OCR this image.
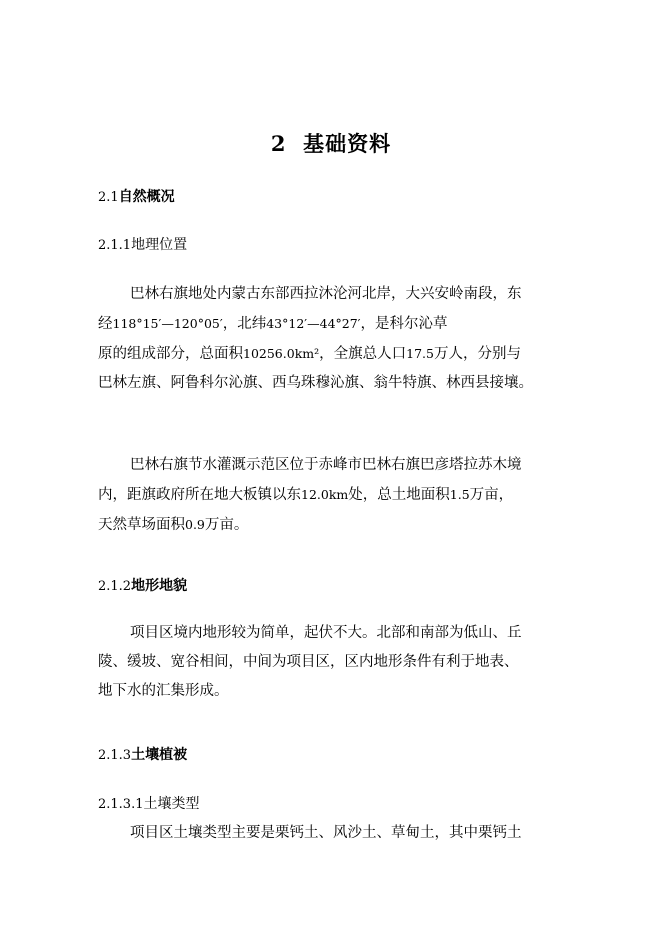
2 基础资料
2.1自然概况
2.1.1地理位置
巴林右旗地处内蒙古东部西拉沐沦河北岸，大兴安岭南段，东
经118°15′—120°05′，北纬43°12′—44°27′，是科尔沁草
原的组成部分，总面积10256.0km²，全旗总人口17.5万人，分别与
巴林左旗、阿鲁科尔沁旗、西乌珠穆沁旗、翁牛特旗、林西县接壤。
巴林右旗节水灌溉示范区位于赤峰市巴林右旗巴彦塔拉苏木境
内，距旗政府所在地大板镇以东12.0km处，总土地面积1.5万亩，
天然草场面积0.9万亩。
2.1.2地形地貌
项目区境内地形较为简单，起伏不大。北部和南部为低山、丘
陵、缓坡、宽谷相间，中间为项目区，区内地形条件有利于地表、
地下水的汇集形成。
2.1.3土壤植被
2.1.3.1土壤类型
项目区土壤类型主要是栗钙土、风沙土、草甸土，其中栗钙土
